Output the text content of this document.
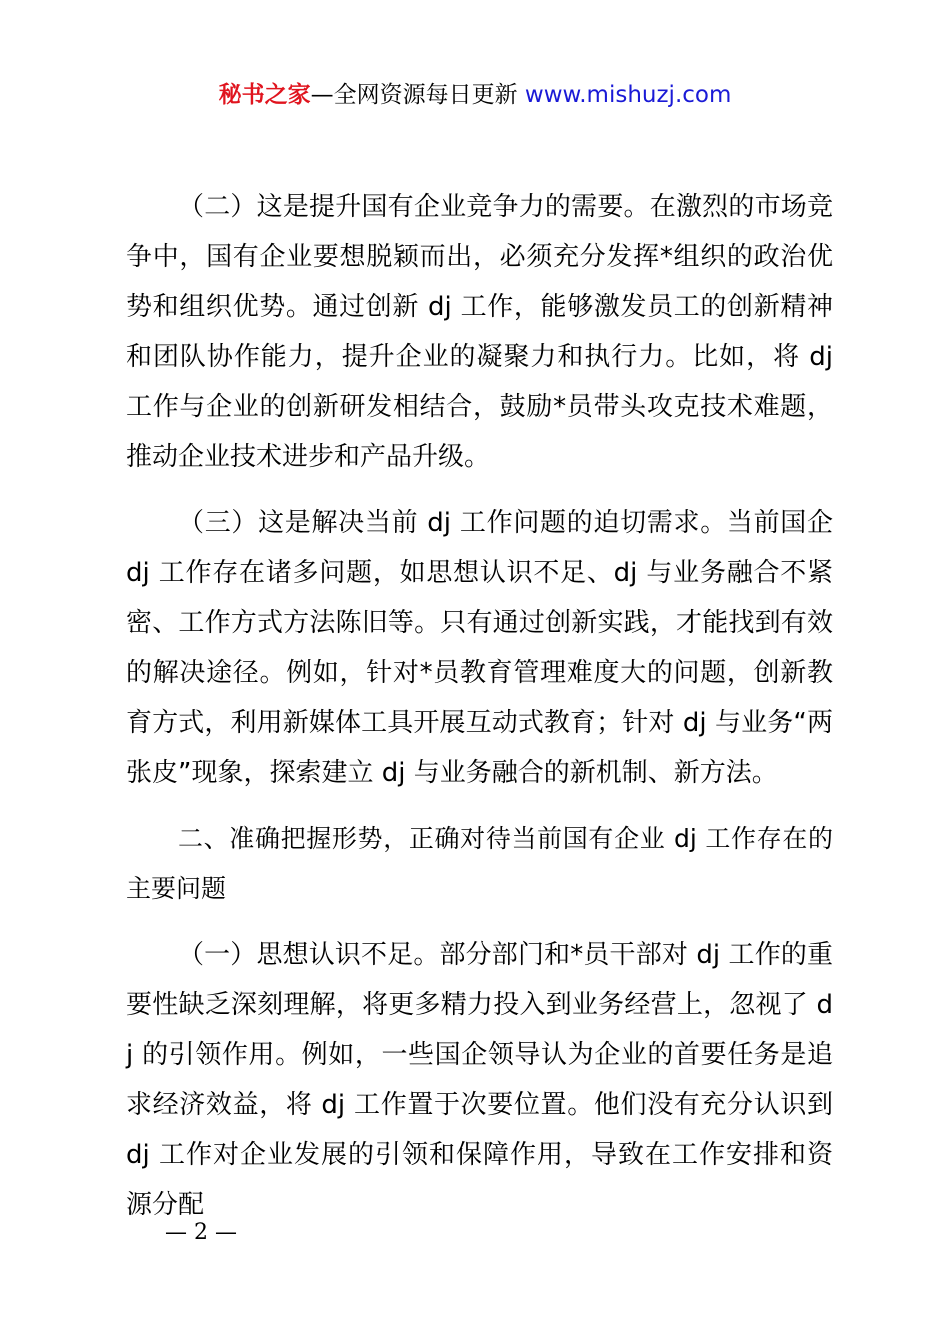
秘书之家—全网资源每日更新 www.mishuzj.com

（二）这是提升国有企业竞争力的需要。在激烈的市场竞争中，国有企业要想脱颖而出，必须充分发挥*组织的政治优势和组织优势。通过创新 dj 工作，能够激发员工的创新精神和团队协作能力，提升企业的凝聚力和执行力。比如，将 dj 工作与企业的创新研发相结合，鼓励*员带头攻克技术难题，推动企业技术进步和产品升级。

（三）这是解决当前 dj 工作问题的迫切需求。当前国企 dj 工作存在诸多问题，如思想认识不足、dj 与业务融合不紧密、工作方式方法陈旧等。只有通过创新实践，才能找到有效的解决途径。例如，针对*员教育管理难度大的问题，创新教育方式，利用新媒体工具开展互动式教育；针对 dj 与业务“两张皮”现象，探索建立 dj 与业务融合的新机制、新方法。

二、准确把握形势，正确对待当前国有企业 dj 工作存在的主要问题

（一）思想认识不足。部分部门和*员干部对 dj 工作的重要性缺乏深刻理解，将更多精力投入到业务经营上，忽视了 dj 的引领作用。例如，一些国企领导认为企业的首要任务是追求经济效益，将 dj 工作置于次要位置。他们没有充分认识到 dj 工作对企业发展的引领和保障作用，导致在工作安排和资源分配

— 2 —
